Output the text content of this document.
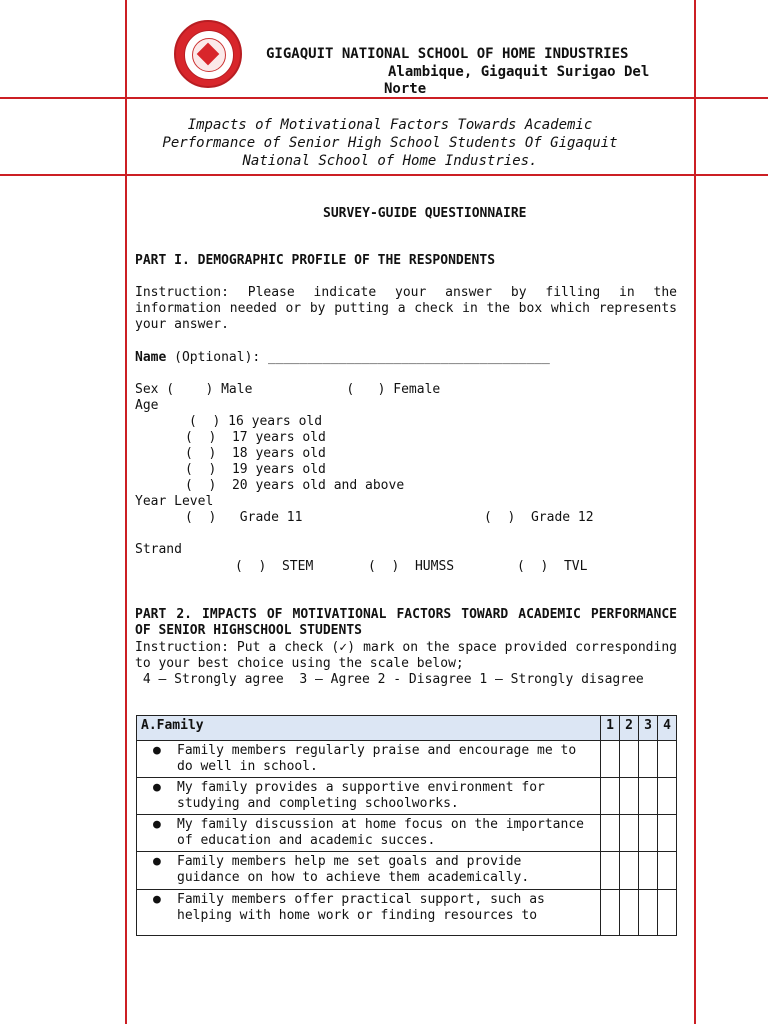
GIGAQUIT NATIONAL SCHOOL OF HOME INDUSTRIES
Alambique, Gigaquit Surigao Del
Norte
Impacts of Motivational Factors Towards Academic Performance of Senior High School Students Of Gigaquit National School of Home Industries.
SURVEY-GUIDE QUESTIONNAIRE
PART I. DEMOGRAPHIC PROFILE OF THE RESPONDENTS
Instruction: Please indicate your answer by filling in the information needed or by putting a check in the box which represents your answer.
Name (Optional): ____________________________________
Sex (    ) Male            (   ) Female
Age
(  ) 16 years old
(  )  17 years old
(  )  18 years old
(  )  19 years old
(  )  20 years old and above
Year Level
(  )   Grade 11	(  )  Grade 12
Strand
(  )  STEM	(  )  HUMSS	(  )  TVL
PART 2. IMPACTS OF MOTIVATIONAL FACTORS TOWARD ACADEMIC PERFORMANCE OF SENIOR HIGHSCHOOL STUDENTS
Instruction: Put a check (✓) mark on the space provided corresponding to your best choice using the scale below;
4 – Strongly agree  3 – Agree 2 - Disagree 1 – Strongly disagree
A.Family	1	2	3	4
● Family members regularly praise and encourage me to do well in school.				
● My family provides a supportive environment for studying and completing schoolworks.				
● My family discussion at home focus on the importance of education and academic succes.				
● Family members help me set goals and provide guidance on how to achieve them academically.				
● Family members offer practical support, such as helping with home work or finding resources to				
